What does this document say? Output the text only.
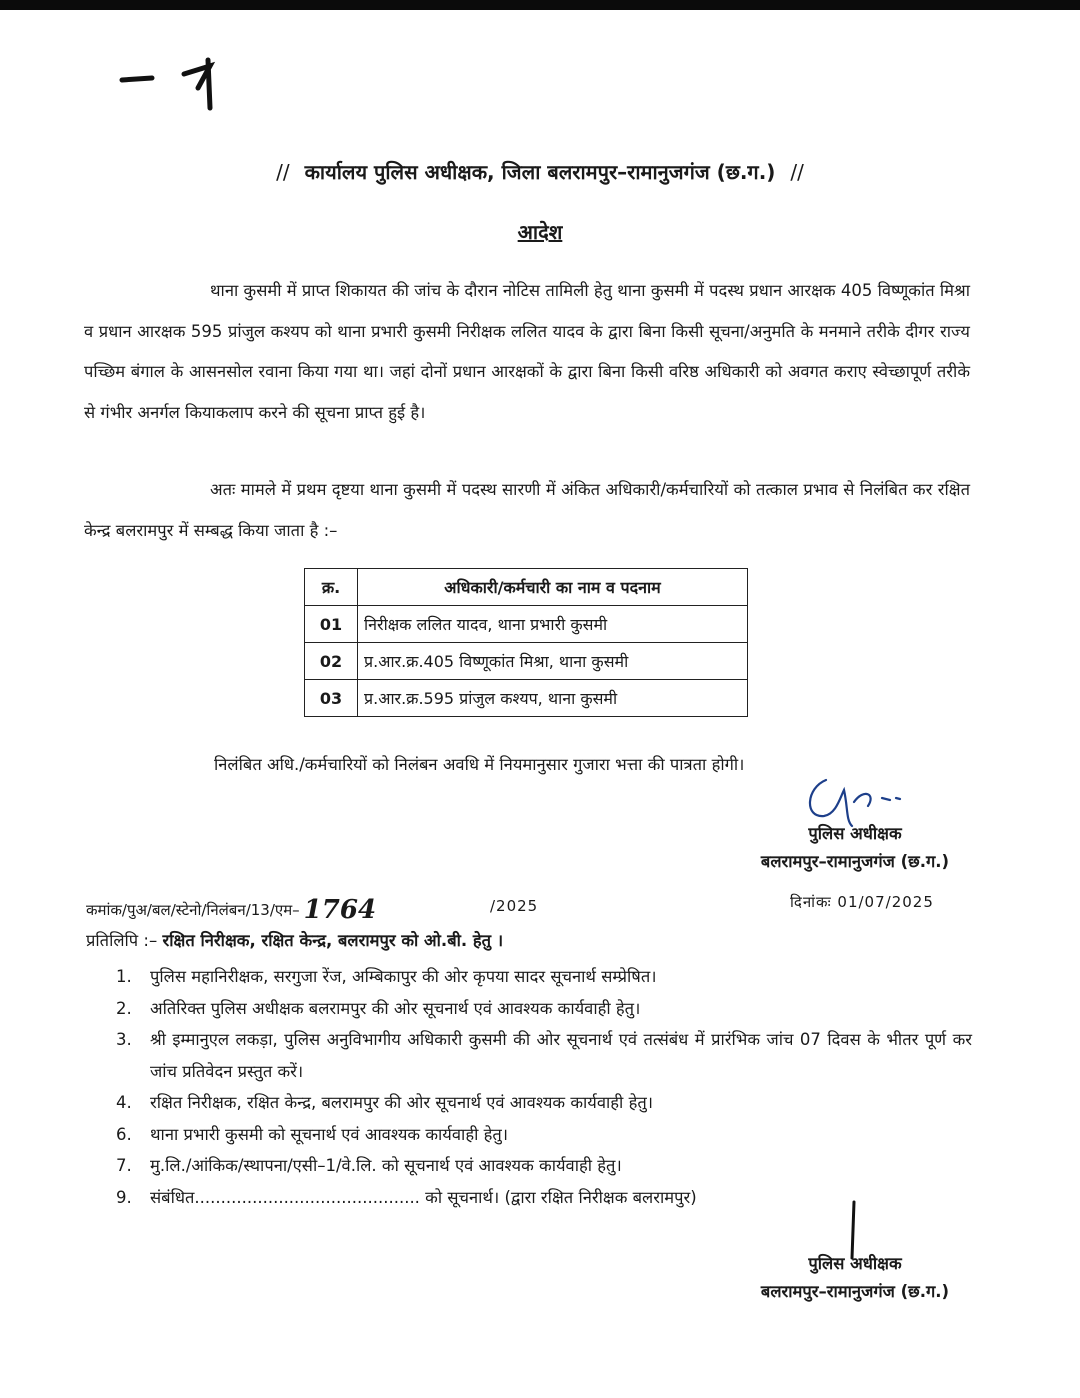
// कार्यालय पुलिस अधीक्षक, जिला बलरामपुर–रामानुजगंज (छ.ग.) //
आदेश
थाना कुसमी में प्राप्त शिकायत की जांच के दौरान नोटिस तामिली हेतु थाना कुसमी में पदस्थ प्रधान आरक्षक 405 विष्णूकांत मिश्रा व प्रधान आरक्षक 595 प्रांजुल कश्यप को थाना प्रभारी कुसमी निरीक्षक ललित यादव के द्वारा बिना किसी सूचना/अनुमति के मनमाने तरीके दीगर राज्य पच्छिम बंगाल के आसनसोल रवाना किया गया था। जहां दोनों प्रधान आरक्षकों के द्वारा बिना किसी वरिष्ठ अधिकारी को अवगत कराए स्वेच्छापूर्ण तरीके से गंभीर अनर्गल कियाकलाप करने की सूचना प्राप्त हुई है।
अतः मामले में प्रथम दृष्टया थाना कुसमी में पदस्थ सारणी में अंकित अधिकारी/कर्मचारियों को तत्काल प्रभाव से निलंबित कर रक्षित केन्द्र बलरामपुर में सम्बद्ध किया जाता है :–
क्र.	अधिकारी/कर्मचारी का नाम व पदनाम
01	निरीक्षक ललित यादव, थाना प्रभारी कुसमी
02	प्र.आर.क्र.405 विष्णूकांत मिश्रा, थाना कुसमी
03	प्र.आर.क्र.595 प्रांजुल कश्यप, थाना कुसमी
निलंबित अधि./कर्मचारियों को निलंबन अवधि में नियमानुसार गुजारा भत्ता की पात्रता होगी।
पुलिस अधीक्षक
बलरामपुर–रामानुजगंज (छ.ग.)
कमांक/पुअ/बल/स्टेनो/निलंबन/13/एम– 1764	/2025	दिनांकः 01/07/2025
प्रतिलिपि :– रक्षित निरीक्षक, रक्षित केन्द्र, बलरामपुर को ओ.बी. हेतु ।
1.	पुलिस महानिरीक्षक, सरगुजा रेंज, अम्बिकापुर की ओर कृपया सादर सूचनार्थ सम्प्रेषित।
2.	अतिरिक्त पुलिस अधीक्षक बलरामपुर की ओर सूचनार्थ एवं आवश्यक कार्यवाही हेतु।
3.	श्री इम्मानुएल लकड़ा, पुलिस अनुविभागीय अधिकारी कुसमी की ओर सूचनार्थ एवं तत्संबंध में प्रारंभिक जांच 07 दिवस के भीतर पूर्ण कर जांच प्रतिवेदन प्रस्तुत करें।
4.	रक्षित निरीक्षक, रक्षित केन्द्र, बलरामपुर की ओर सूचनार्थ एवं आवश्यक कार्यवाही हेतु।
6.	थाना प्रभारी कुसमी को सूचनार्थ एवं आवश्यक कार्यवाही हेतु।
7.	मु.लि./आंकिक/स्थापना/एसी–1/वे.लि. को सूचनार्थ एवं आवश्यक कार्यवाही हेतु।
9.	संबंधित........................................... को सूचनार्थ। (द्वारा रक्षित निरीक्षक बलरामपुर)
पुलिस अधीक्षक
बलरामपुर–रामानुजगंज (छ.ग.)
